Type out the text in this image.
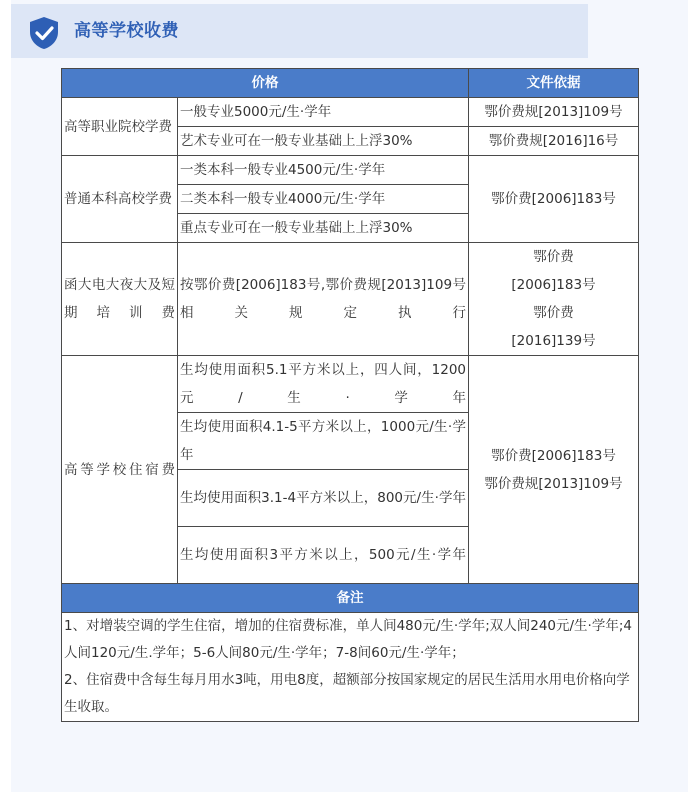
高等学校收费
价格		文件依据
高等职业院校学费	一般专业5000元/生·学年	鄂价费规[2013]109号
	艺术专业可在一般专业基础上上浮30%	鄂价费规[2016]16号
普通本科高校学费	一类本科一般专业4500元/生·学年	鄂价费[2006]183号

	二类本科一般专业4000元/生·学年	
	重点专业可在一般专业基础上上浮30%	
函大电大夜大及短期培训费	按鄂价费[2006]183号,鄂价费规[2013]109号相关规定执行	鄂价费
[2006]183号
鄂价费
[2016]139号

高等学校住宿费	生均使用面积5.1平方米以上，四人间，1200元/生·学年	鄂价费[2006]183号
鄂价费规[2013]109号

	生均使用面积4.1-5平方米以上，1000元/生·学年	
	生均使用面积3.1-4平方米以上，800元/生·学年	
	生均使用面积3平方米以上，500元/生·学年	
备注		

1、对增装空调的学生住宿，增加的住宿费标准，单人间480元/生·学年;双人间240元/生·学年;4人间120元/生.学年；5-6人间80元/生·学年；7-8间60元/生·学年；

2、住宿费中含每生每月用水3吨，用电8度，超额部分按国家规定的居民生活用水用电价格向学生收取。		
